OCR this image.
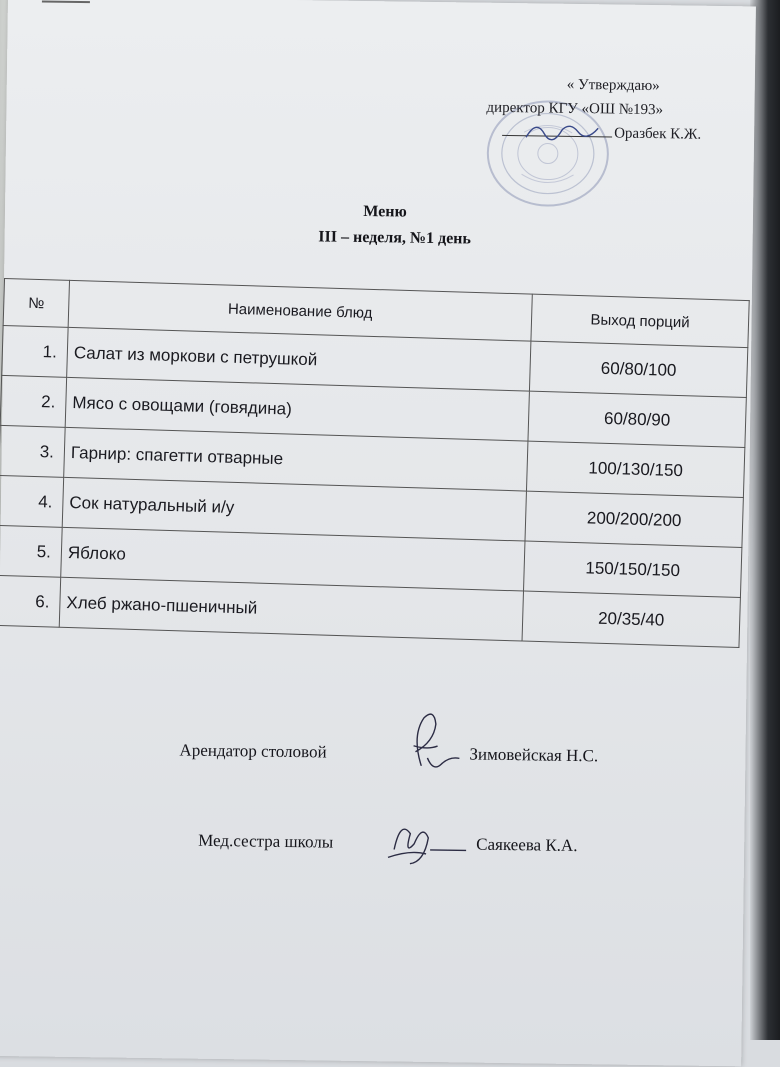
« Утверждаю»
директор КГУ «ОШ №193»
Оразбек К.Ж.
Меню
III – неделя, №1 день
№	Наименование блюд	Выход порций
1.	Салат из моркови с петрушкой	60/80/100
2.	Мясо с овощами (говядина)	60/80/90
3.	Гарнир: спагетти отварные	100/130/150
4.	Сок натуральный и/у	200/200/200
5.	Яблоко	150/150/150
6.	Хлеб ржано-пшеничный	20/35/40
Арендатор столовой	Зимовейская Н.С.
Мед.сестра школы	Саякеева К.А.
